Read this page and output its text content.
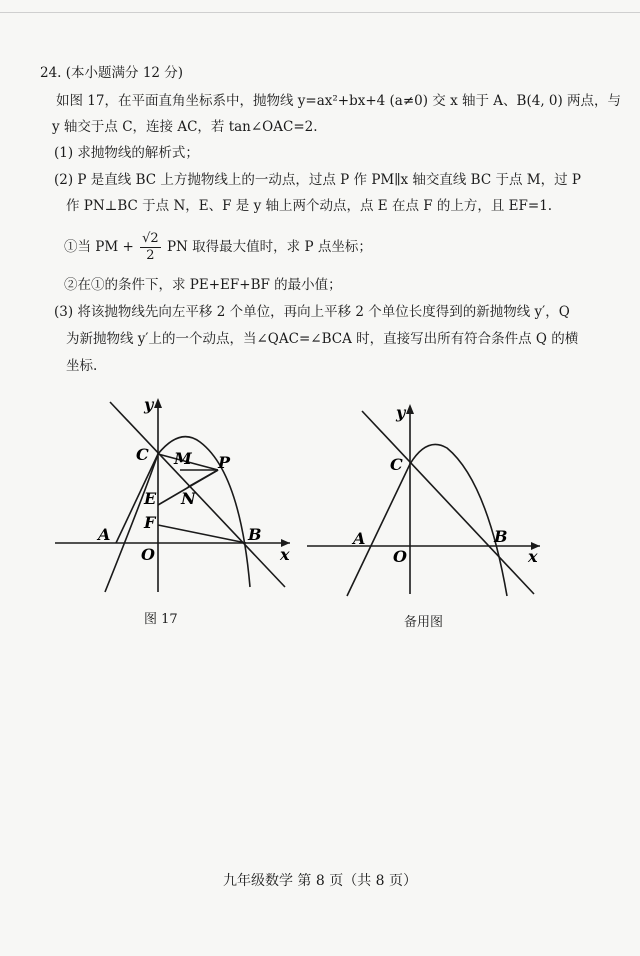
24. (本小题满分 12 分)
如图 17，在平面直角坐标系中，抛物线 y=ax²+bx+4 (a≠0) 交 x 轴于 A、B(4, 0) 两点，与
y 轴交于点 C，连接 AC，若 tan∠OAC=2.
(1) 求抛物线的解析式；
(2) P 是直线 BC 上方抛物线上的一动点，过点 P 作 PM∥x 轴交直线 BC 于点 M，过 P
作 PN⊥BC 于点 N，E、F 是 y 轴上两个动点，点 E 在点 F 的上方，且 EF=1.
①当 PM + $\frac{√2}{2}$ PN 取得最大值时，求 P 点坐标；
②在①的条件下，求 PE+EF+BF 的最小值；
(3) 将该抛物线先向左平移 2 个单位，再向上平移 2 个单位长度得到的新抛物线 y′，Q
为新抛物线 y′上的一个动点，当∠QAC=∠BCA 时，直接写出所有符合条件点 Q 的横
坐标.
y
x
C M P
E N
F
A
O
B
图 17
y
x
C
A
O
B
备用图
九年级数学 第 8 页（共 8 页）
